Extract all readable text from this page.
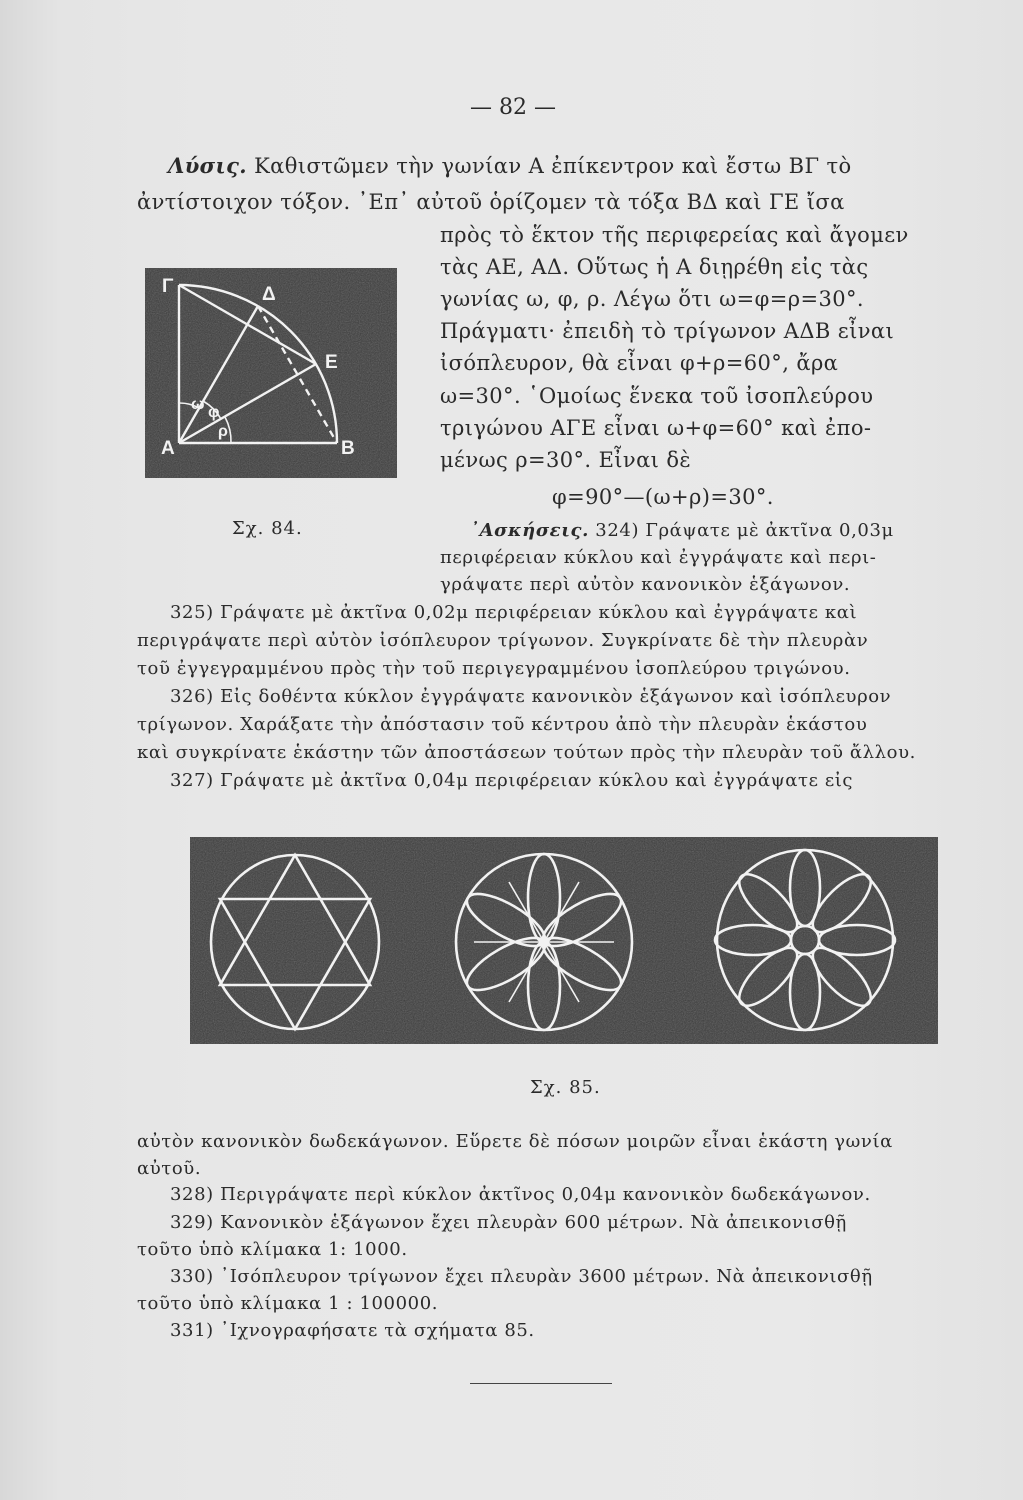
— 82 —
Λύσις. Καθιστῶμεν τὴν γωνίαν Α ἐπίκεντρον καὶ ἔστω ΒΓ τὸ
ἀντίστοιχον τόξον. ᾿Επ᾿ αὐτοῦ ὁρίζομεν τὰ τόξα ΒΔ καὶ ΓΕ ἴσα
πρὸς τὸ ἕκτον τῆς περιφερείας καὶ ἄγομεν
τὰς ΑΕ, ΑΔ. Οὕτως ἡ Α διῃρέθη εἰς τὰς
γωνίας ω, φ, ρ. Λέγω ὅτι ω=φ=ρ=30°.
Πράγματι· ἐπειδὴ τὸ τρίγωνον ΑΔΒ εἶναι
ἰσόπλευρον, θὰ εἶναι φ+ρ=60°, ἄρα
ω=30°. ῾Ομοίως ἕνεκα τοῦ ἰσοπλεύρου
τριγώνου ΑΓΕ εἶναι ω+φ=60° καὶ ἐπο-
μένως ρ=30°. Εἶναι δὲ
φ=90°—(ω+ρ)=30°.
Γ	Δ
Ε
ω φ
ρ
Α	Β
Σχ. 84.	᾿Ασκήσεις. 324) Γράψατε μὲ ἀκτῖνα 0,03μ
περιφέρειαν κύκλου καὶ ἐγγράψατε καὶ περι-
γράψατε περὶ αὐτὸν κανονικὸν ἑξάγωνον.
325) Γράψατε μὲ ἀκτῖνα 0,02μ περιφέρειαν κύκλου καὶ ἐγγράψατε καὶ
περιγράψατε περὶ αὐτὸν ἰσόπλευρον τρίγωνον. Συγκρίνατε δὲ τὴν πλευρὰν
τοῦ ἐγγεγραμμένου πρὸς τὴν τοῦ περιγεγραμμένου ἰσοπλεύρου τριγώνου.
326) Εἰς δοθέντα κύκλον ἐγγράψατε κανονικὸν ἑξάγωνον καὶ ἰσόπλευρον
τρίγωνον. Χαράξατε τὴν ἀπόστασιν τοῦ κέντρου ἀπὸ τὴν πλευρὰν ἑκάστου
καὶ συγκρίνατε ἑκάστην τῶν ἀποστάσεων τούτων πρὸς τὴν πλευρὰν τοῦ ἄλλου.
327) Γράψατε μὲ ἀκτῖνα 0,04μ περιφέρειαν κύκλου καὶ ἐγγράψατε εἰς
Σχ. 85.
αὐτὸν κανονικὸν δωδεκάγωνον. Εὕρετε δὲ πόσων μοιρῶν εἶναι ἑκάστη γωνία
αὐτοῦ.
328) Περιγράψατε περὶ κύκλον ἀκτῖνος 0,04μ κανονικὸν δωδεκάγωνον.
329) Κανονικὸν ἑξάγωνον ἔχει πλευρὰν 600 μέτρων. Νὰ ἀπεικονισθῇ
τοῦτο ὑπὸ κλίμακα 1: 1000.
330) ᾿Ισόπλευρον τρίγωνον ἔχει πλευρὰν 3600 μέτρων. Νὰ ἀπεικονισθῇ
τοῦτο ὑπὸ κλίμακα 1 : 100000.
331) ᾿Ιχνογραφήσατε τὰ σχήματα 85.
